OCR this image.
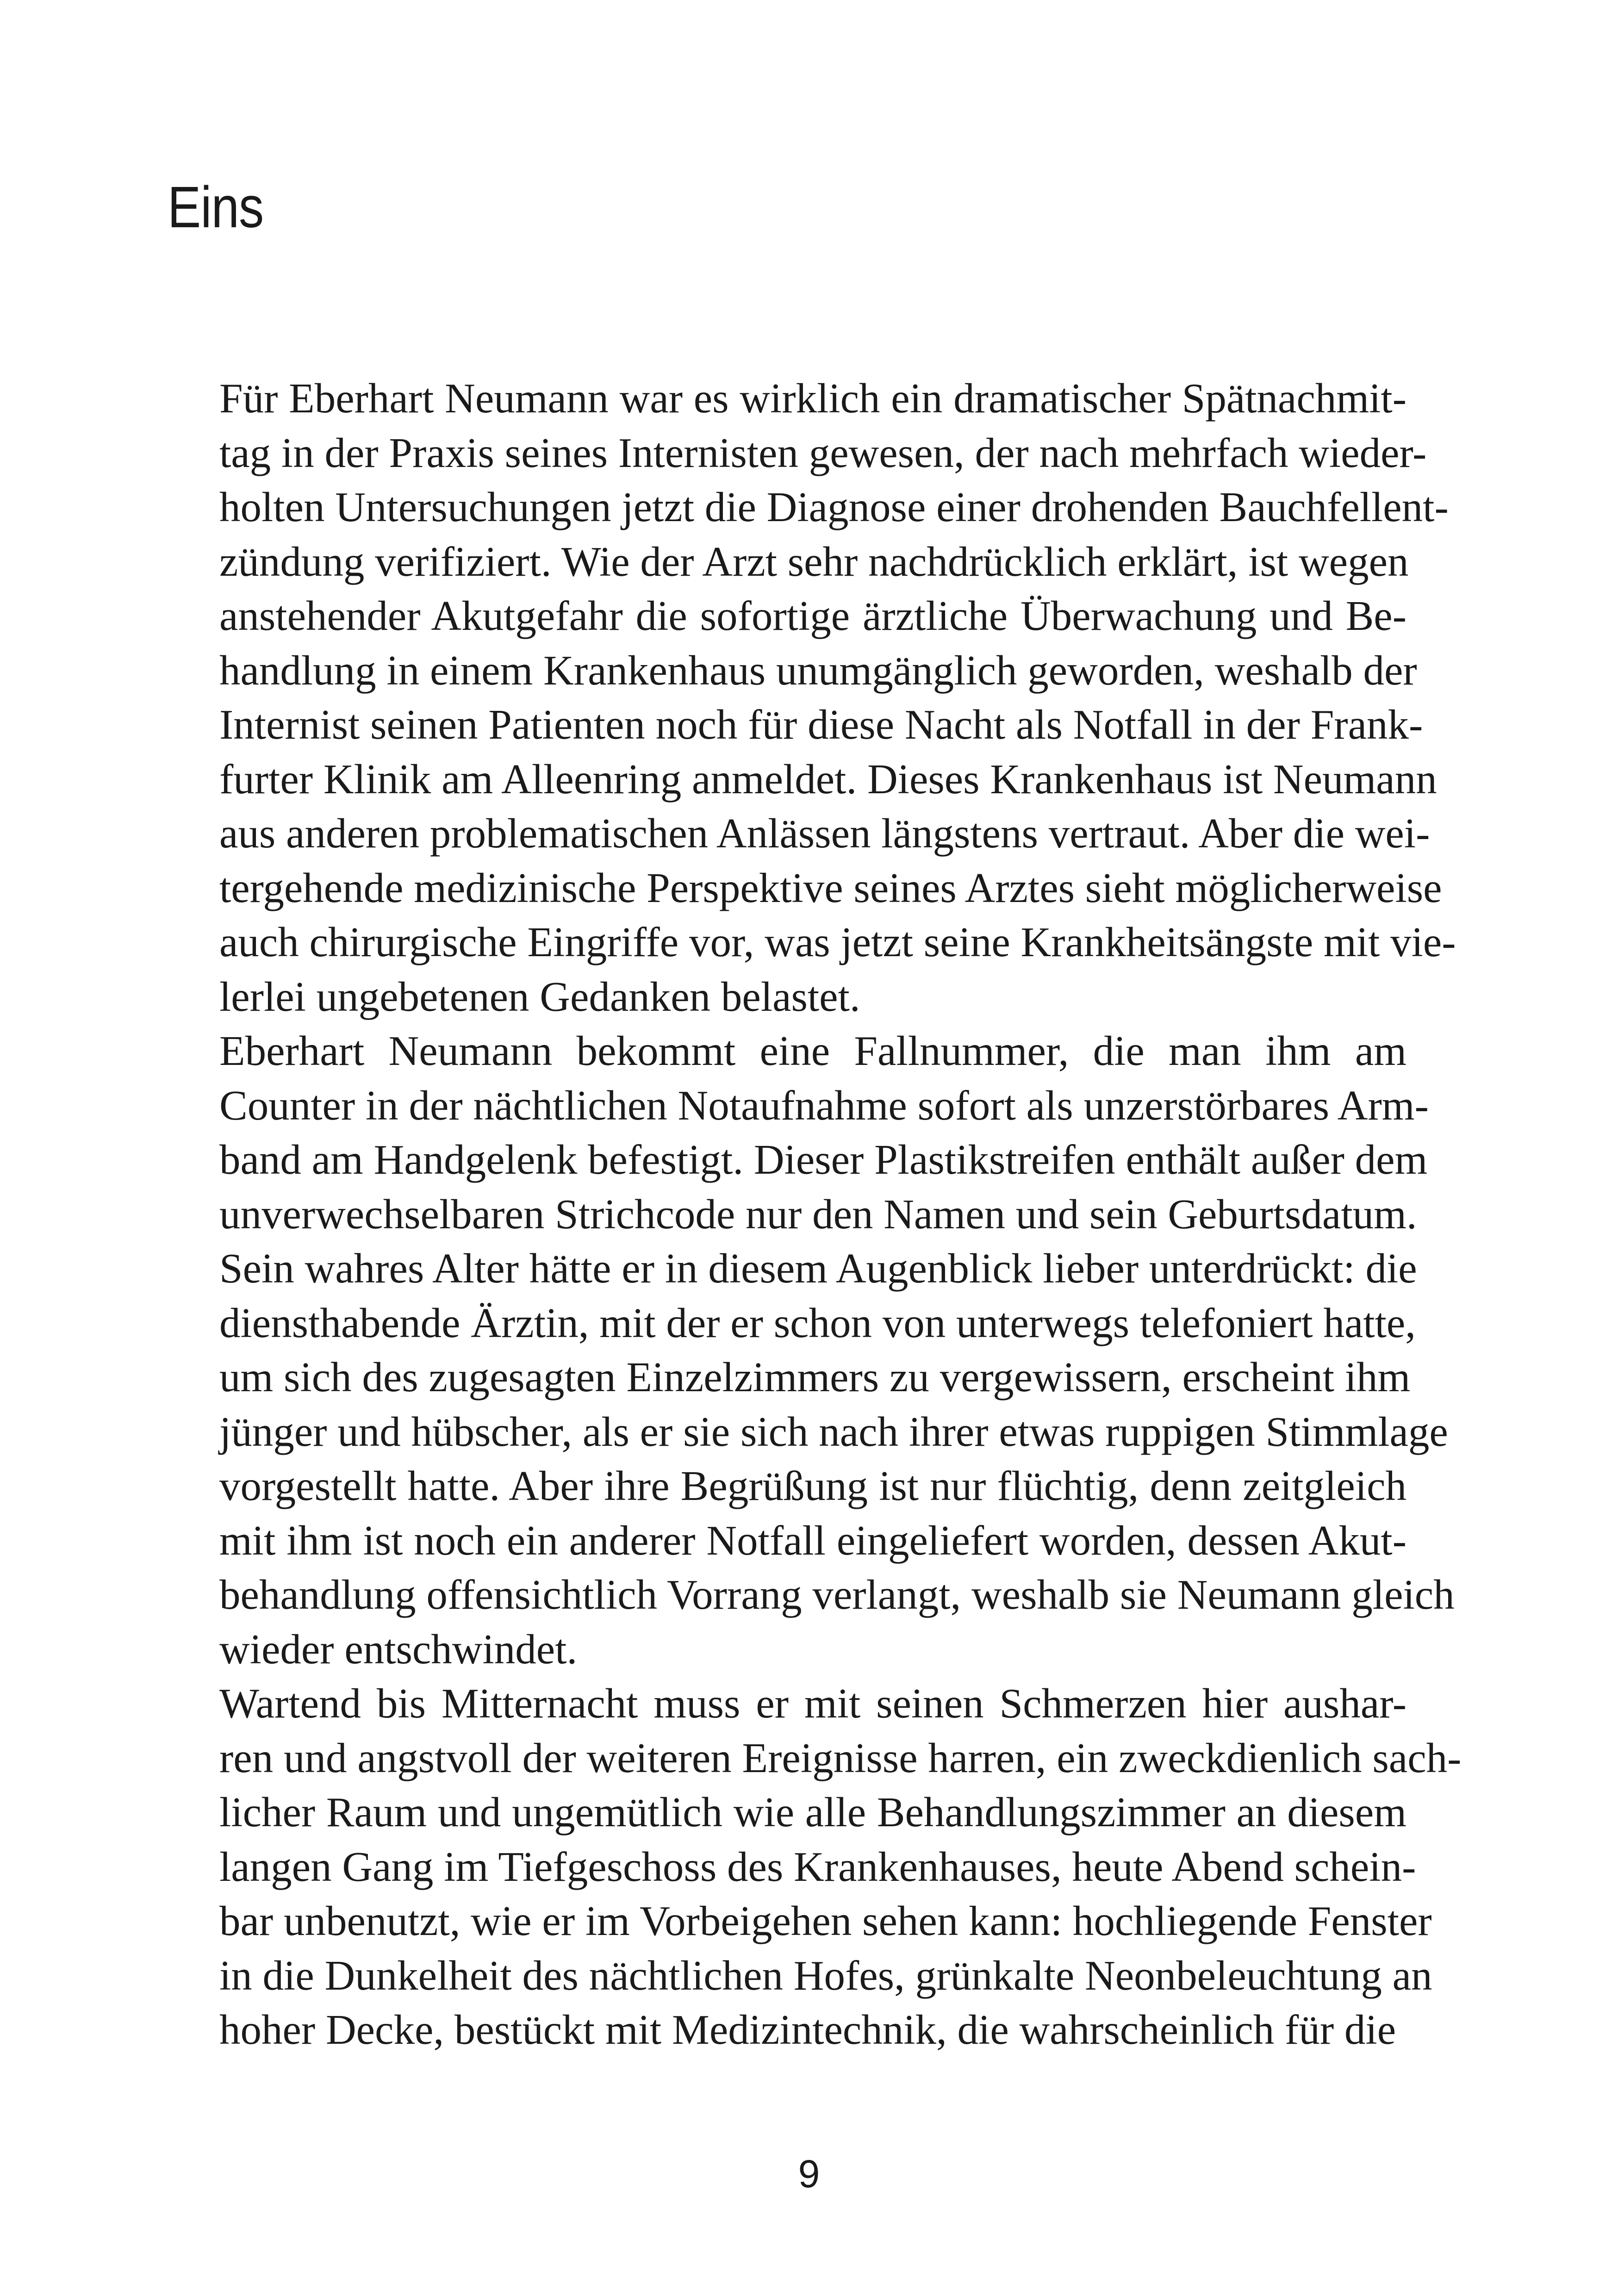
Eins
Für Eberhart Neumann war es wirklich ein dramatischer Spätnachmit-
tag in der Praxis seines Internisten gewesen, der nach mehrfach wieder-
holten Untersuchungen jetzt die Diagnose einer drohenden Bauchfellent-
zündung verifiziert. Wie der Arzt sehr nachdrücklich erklärt, ist wegen
anstehender Akutgefahr die sofortige ärztliche Überwachung und Be-
handlung in einem Krankenhaus unumgänglich geworden, weshalb der
Internist seinen Patienten noch für diese Nacht als Notfall in der Frank-
furter Klinik am Alleenring anmeldet. Dieses Krankenhaus ist Neumann
aus anderen problematischen Anlässen längstens vertraut. Aber die wei-
tergehende medizinische Perspektive seines Arztes sieht möglicherweise
auch chirurgische Eingriffe vor, was jetzt seine Krankheitsängste mit vie-
lerlei ungebetenen Gedanken belastet.
Eberhart Neumann bekommt eine Fallnummer, die man ihm am
Counter in der nächtlichen Notaufnahme sofort als unzerstörbares Arm-
band am Handgelenk befestigt. Dieser Plastikstreifen enthält außer dem
unverwechselbaren Strichcode nur den Namen und sein Geburtsdatum.
Sein wahres Alter hätte er in diesem Augenblick lieber unterdrückt: die
diensthabende Ärztin, mit der er schon von unterwegs telefoniert hatte,
um sich des zugesagten Einzelzimmers zu vergewissern, erscheint ihm
jünger und hübscher, als er sie sich nach ihrer etwas ruppigen Stimmlage
vorgestellt hatte. Aber ihre Begrüßung ist nur flüchtig, denn zeitgleich
mit ihm ist noch ein anderer Notfall eingeliefert worden, dessen Akut-
behandlung offensichtlich Vorrang verlangt, weshalb sie Neumann gleich
wieder entschwindet.
Wartend bis Mitternacht muss er mit seinen Schmerzen hier aushar-
ren und angstvoll der weiteren Ereignisse harren, ein zweckdienlich sach-
licher Raum und ungemütlich wie alle Behandlungszimmer an diesem
langen Gang im Tiefgeschoss des Krankenhauses, heute Abend schein-
bar unbenutzt, wie er im Vorbeigehen sehen kann: hochliegende Fenster
in die Dunkelheit des nächtlichen Hofes, grünkalte Neonbeleuchtung an
hoher Decke, bestückt mit Medizintechnik, die wahrscheinlich für die
9
